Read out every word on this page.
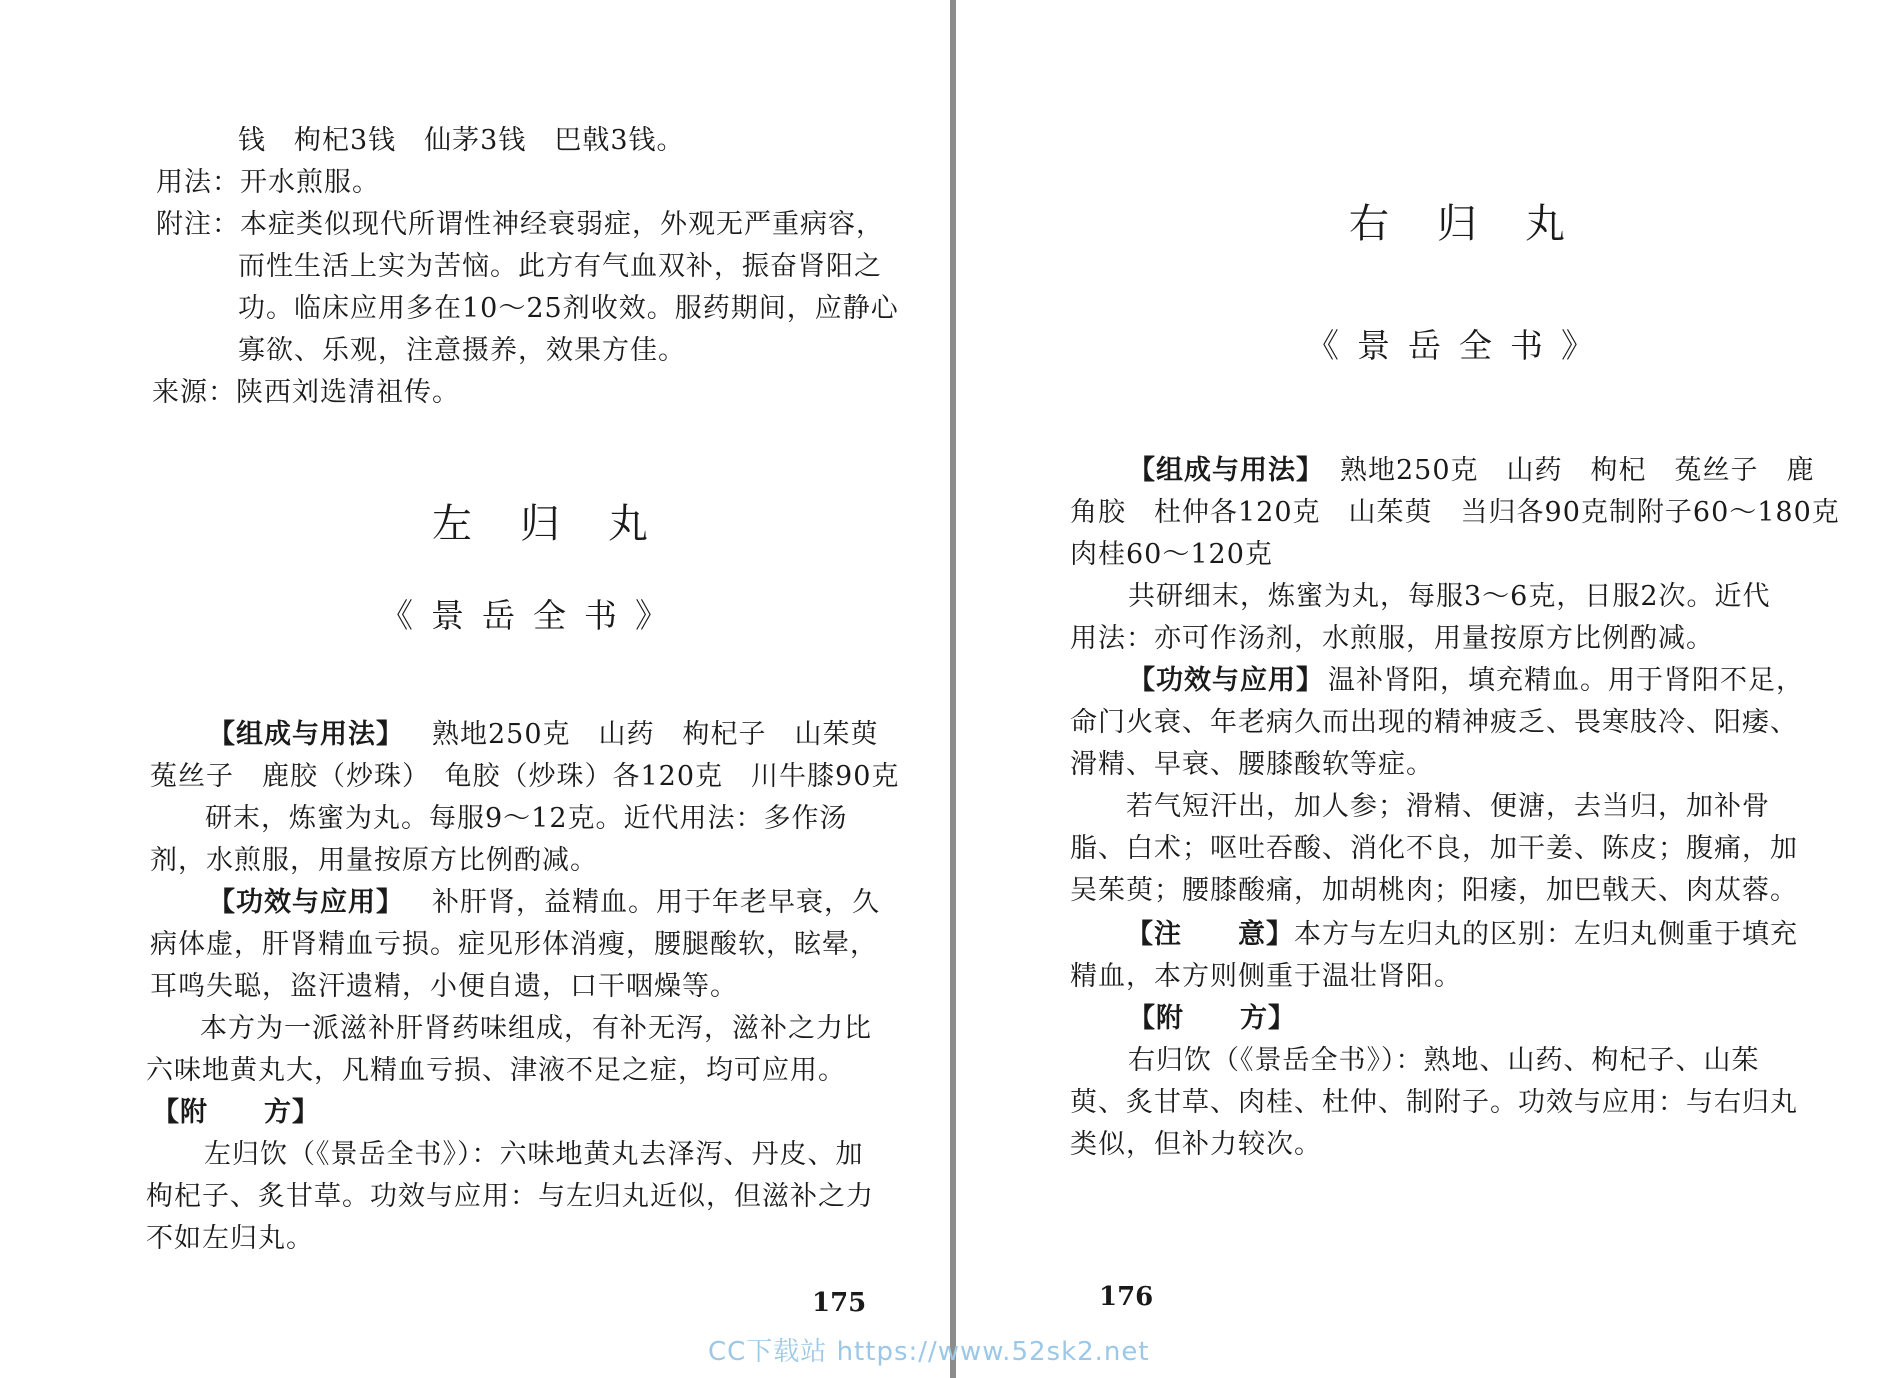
钱　枸杞3钱　仙茅3钱　巴戟3钱。
用法：开水煎服。
附注：本症类似现代所谓性神经衰弱症，外观无严重病容，
而性生活上实为苦恼。此方有气血双补，振奋肾阳之
功。临床应用多在10～25剂收效。服药期间，应静心
寡欲、乐观，注意摄养，效果方佳。
来源：陕西刘选清祖传。
左归丸
《景岳全书》
【组成与用法】 熟地250克　山药　枸杞子　山茱萸
菟丝子　鹿胶（炒珠）　龟胶（炒珠）各120克　川牛膝90克
研末，炼蜜为丸。每服9～12克。近代用法：多作汤
剂，水煎服，用量按原方比例酌减。
【功效与应用】 补肝肾，益精血。用于年老早衰，久
病体虚，肝肾精血亏损。症见形体消瘦，腰腿酸软，眩晕，
耳鸣失聪，盗汗遗精，小便自遗，口干咽燥等。
本方为一派滋补肝肾药味组成，有补无泻，滋补之力比
六味地黄丸大，凡精血亏损、津液不足之症，均可应用。
【附　　方】
左归饮（《景岳全书》）：六味地黄丸去泽泻、丹皮、加
枸杞子、炙甘草。功效与应用：与左归丸近似，但滋补之力
不如左归丸。
175
右归丸
《景岳全书》
【组成与用法】 熟地250克　山药　枸杞　菟丝子　鹿
角胶　杜仲各120克　山茱萸　当归各90克制附子60～180克
肉桂60～120克
共研细末，炼蜜为丸，每服3～6克，日服2次。近代
用法：亦可作汤剂，水煎服，用量按原方比例酌减。
【功效与应用】 温补肾阳，填充精血。用于肾阳不足，
命门火衰、年老病久而出现的精神疲乏、畏寒肢冷、阳痿、
滑精、早衰、腰膝酸软等症。
若气短汗出，加人参；滑精、便溏，去当归，加补骨
脂、白术；呕吐吞酸、消化不良，加干姜、陈皮；腹痛，加
吴茱萸；腰膝酸痛，加胡桃肉；阳痿，加巴戟天、肉苁蓉。
【注　　意】 本方与左归丸的区别：左归丸侧重于填充
精血，本方则侧重于温壮肾阳。
【附　　方】
右归饮（《景岳全书》）：熟地、山药、枸杞子、山茱
萸、炙甘草、肉桂、杜仲、制附子。功效与应用：与右归丸
类似，但补力较次。
176
CC下载站 https://www.52sk2.net
